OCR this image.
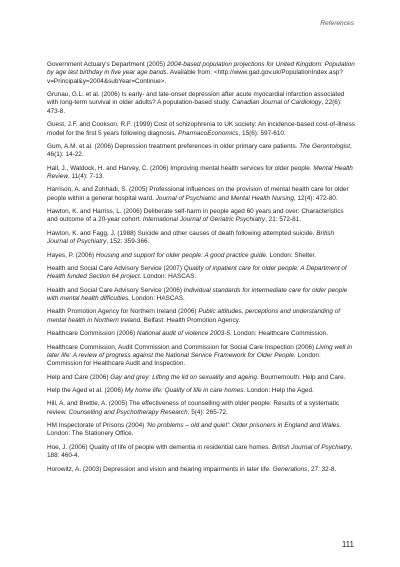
References
Government Actuary's Department (2005) 2004-based population projections for United Kingdom: Population by age last birthday in five year age bands. Available from: <http://www.gad.gov.uk/PopulationIndex.asp?v=Principal&y=2004&subYear=Continue>.
Grunau, G.L. et al. (2006) Is early- and late-onset depression after acute myocardial infarction associated with long-term survival in older adults? A population-based study. Canadian Journal of Cardiology, 22(6): 473-8.
Guest, J.F. and Cookson, R.F. (1999) Cost of schizophrenia to UK society: An incidence-based cost-of-illness model for the first 5 years following diagnosis. PharmacoEconomics, 15(6): 597-610.
Gum, A.M. et al. (2006) Depression treatment preferences in older primary care patients. The Gerontologist, 46(1): 14-22.
Hall, J., Waldock, H. and Harvey, C. (2006) Improving mental health services for older people. Mental Health Review, 11(4): 7-13.
Harrison, A. and Zohhadi, S. (2005) Professional influences on the provision of mental health care for older people within a general hospital ward. Journal of Psychiatric and Mental Health Nursing, 12(4): 472-80.
Hawton, K. and Harriss, L. (2006) Deliberate self-harm in people aged 60 years and over: Characteristics and outcome of a 20-year cohort. International Journal of Geriatric Psychiatry, 21: 572-81.
Hawton, K. and Fagg, J. (1988) Suicide and other causes of death following attempted suicide. British Journal of Psychiatry, 152: 359-366.
Hayes, P. (2006) Housing and support for older people: A good practice guide. London: Shelter.
Health and Social Care Advisory Service (2007) Quality of inpatient care for older people: A Department of Health funded Section 64 project. London: HASCAS.
Health and Social Care Advisory Service (2006) Individual standards for intermediate care for older people with mental health difficulties. London: HASCAS.
Health Promotion Agency for Northern Ireland (2006) Public attitudes, perceptions and understanding of mental health in Northern Ireland. Belfast: Health Promotion Agency.
Healthcare Commission (2006) National audit of violence 2003-5. London: Healthcare Commission.
Healthcare Commission, Audit Commission and Commission for Social Care Inspection (2006) Living well in later life: A review of progress against the National Service Framework for Older People. London: Commission for Healthcare Audit and Inspection.
Help and Care (2006) Gay and grey: Lifting the lid on sexuality and ageing. Bournemouth: Help and Care.
Help the Aged et al. (2006) My home life: Quality of life in care homes. London: Help the Aged.
Hill, A. and Brettle, A. (2005) The effectiveness of counselling with older people: Results of a systematic review. Counselling and Psychotherapy Research, 5(4): 265-72.
HM Inspectorate of Prisons (2004) 'No problems – old and quiet': Older prisoners in England and Wales. London: The Stationery Office.
Hoe, J. (2006) Quality of life of people with dementia in residential care homes. British Journal of Psychiatry, 188: 460-4.
Horowitz, A. (2003) Depression and vision and hearing impairments in later life. Generations, 27: 32-8.
111
